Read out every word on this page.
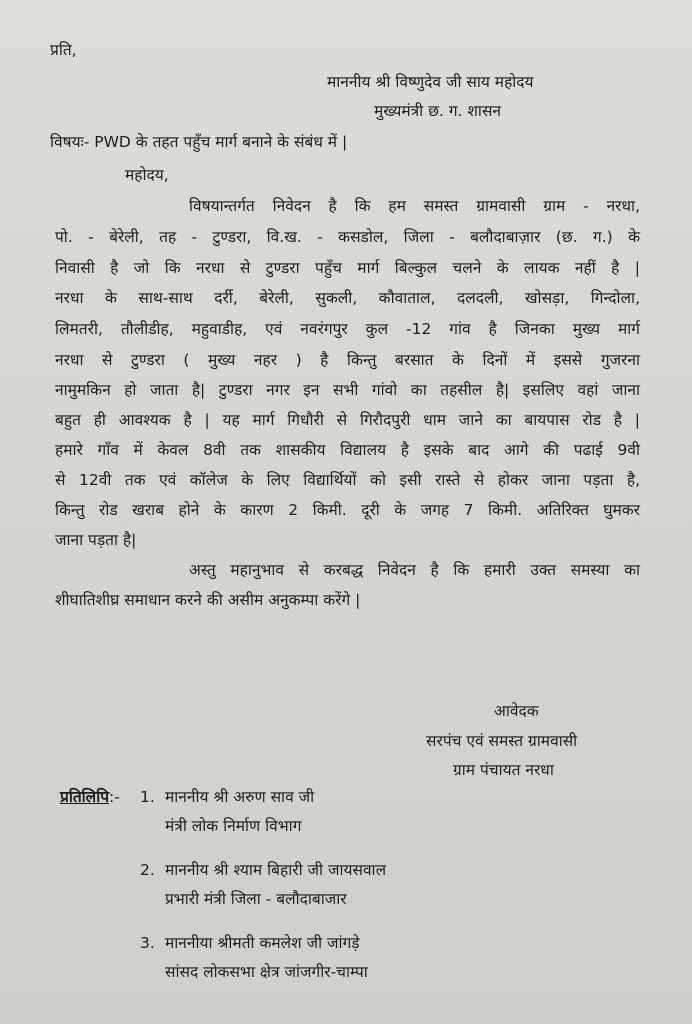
प्रति,
माननीय श्री विष्णुदेव जी साय महोदय
मुख्यमंत्री छ. ग. शासन
विषयः- PWD के तहत पहुँच मार्ग बनाने के संबंध में |
महोदय,
विषयान्तर्गत निवेदन है कि हम समस्त ग्रामवासी ग्राम - नरधा,
पो. - बेरेली, तह - टुण्डरा, वि.ख. - कसडोल, जिला - बलौदाबाज़ार (छ. ग.) के
निवासी है जो कि नरधा से टुण्डरा पहुँच मार्ग बिल्कुल चलने के लायक नहीं है |
नरधा के साथ-साथ दर्री, बेरेली, सुकली, कौवाताल, दलदली, खोसड़ा, गिन्दोला,
लिमतरी, तौलीडीह, महुवाडीह, एवं नवरंगपुर कुल -12 गांव है जिनका मुख्य मार्ग
नरधा से टुण्डरा ( मुख्य नहर ) है किन्तु बरसात के दिनों में इससे गुजरना
नामुमकिन हो जाता है| टुण्डरा नगर इन सभी गांवो का तहसील है| इसलिए वहां जाना
बहुत ही आवश्यक है | यह मार्ग गिधौरी से गिरौदपुरी धाम जाने का बायपास रोड है |
हमारे गाँव में केवल 8वी तक शासकीय विद्यालय है इसके बाद आगे की पढाई 9वी
से 12वी तक एवं कॉलेज के लिए विद्यार्थियों को इसी रास्ते से होकर जाना पड़ता है,
किन्तु रोड खराब होने के कारण 2 किमी. दूरी के जगह 7 किमी. अतिरिक्त घुमकर
जाना पड़ता है|
अस्तु महानुभाव से करबद्ध निवेदन है कि हमारी उक्त समस्या का
शीघातिशीघ्र समाधान करने की असीम अनुकम्पा करेंगे |
आवेदक
सरपंच एवं समस्त ग्रामवासी
ग्राम पंचायत नरधा
प्रतिलिपि:- 1. माननीय श्री अरुण साव जी
मंत्री लोक निर्माण विभाग
2. माननीय श्री श्याम बिहारी जी जायसवाल
प्रभारी मंत्री जिला - बलौदाबाजार
3. माननीया श्रीमती कमलेश जी जांगड़े
सांसद लोकसभा क्षेत्र जांजगीर-चाम्पा
